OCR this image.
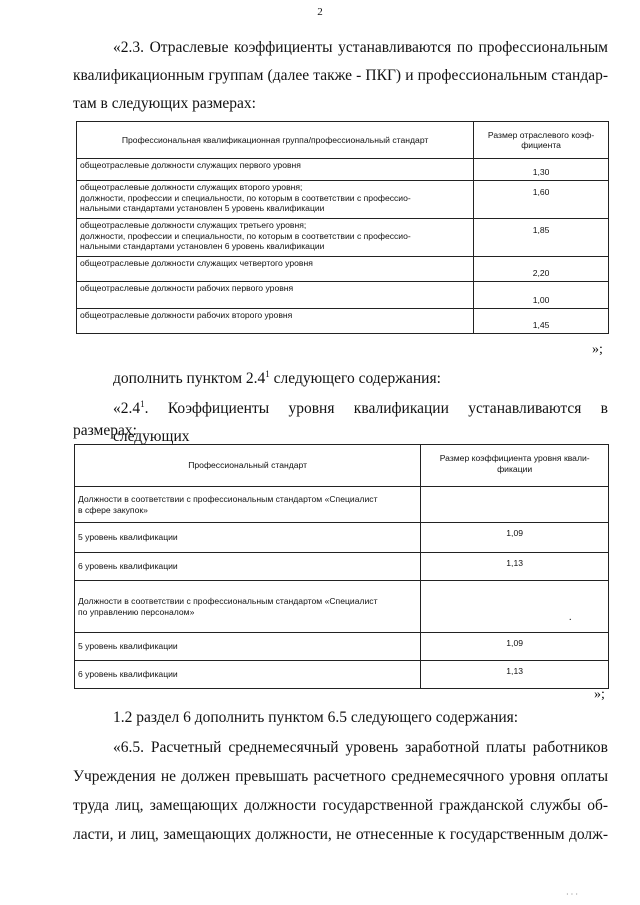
2
«2.3. Отраслевые коэффициенты устанавливаются по профессиональным
квалификационным группам (далее также - ПКГ) и профессиональным стандар-
там в следующих размерах:
Профессиональная квалификационная группа/профессиональный стандарт	Размер отраслевого коэф-фициента

общеотраслевые должности служащих первого уровня	1,30

общеотраслевые должности служащих второго уровня;
должности, профессии и специальности, по которым в соответствии с профессио-
нальными стандартами установлен 5 уровень квалификации	1,60

общеотраслевые должности служащих третьего уровня;
должности, профессии и специальности, по которым в соответствии с профессио-
нальными стандартами установлен 6 уровень квалификации	1,85

общеотраслевые должности служащих четвертого уровня	2,20

общеотраслевые должности рабочих первого уровня	1,00

общеотраслевые должности рабочих второго уровня	1,45
»;
дополнить пунктом $2.4^1$ следующего содержания:
«$2.4^1$. Коэффициенты уровня квалификации устанавливаются в следующих
размерах:
Профессиональный стандарт	Размер коэффициента уровня квали-фикации

Должности в соответствии с профессиональным стандартом «Специалист
в сфере закупок»	

5 уровень квалификации	1,09

6 уровень квалификации	1,13

Должности в соответствии с профессиональным стандартом «Специалист
по управлению персоналом»	

5 уровень квалификации	1,09

6 уровень квалификации	1,13
.
»;
1.2 раздел 6 дополнить пунктом 6.5 следующего содержания:
«6.5. Расчетный среднемесячный уровень заработной платы работников
Учреждения не должен превышать расчетного среднемесячного уровня оплаты
труда лиц, замещающих должности государственной гражданской службы об-
ласти, и лиц, замещающих должности, не отнесенные к государственным долж-
· · ·
